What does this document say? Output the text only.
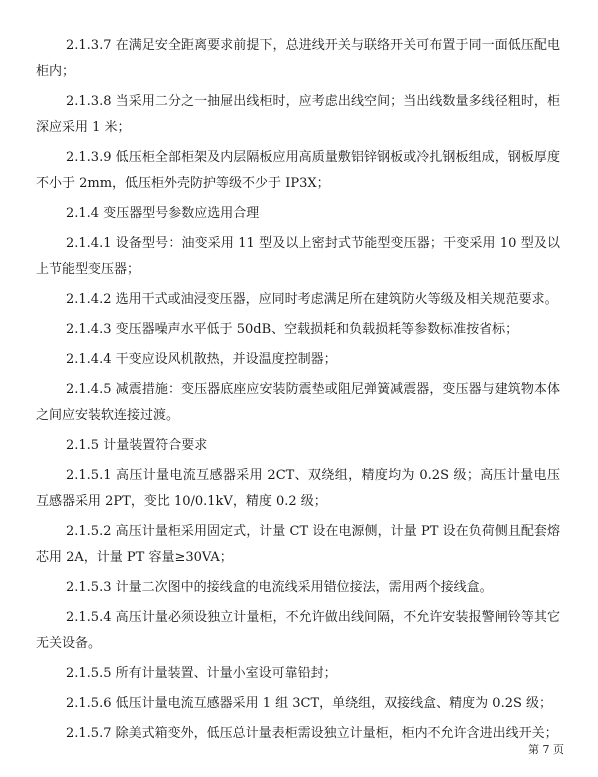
2.1.3.7 在满足安全距离要求前提下，总进线开关与联络开关可布置于同一面低压配电柜内；

2.1.3.8 当采用二分之一抽屉出线柜时，应考虑出线空间；当出线数量多线径粗时，柜深应采用 1 米；

2.1.3.9 低压柜全部柜架及内层隔板应用高质量敷铝锌钢板或冷扎钢板组成，钢板厚度不小于 2mm，低压柜外壳防护等级不少于 IP3X；

2.1.4 变压器型号参数应选用合理

2.1.4.1 设备型号：油变采用 11 型及以上密封式节能型变压器；干变采用 10 型及以上节能型变压器；

2.1.4.2 选用干式或油浸变压器，应同时考虑满足所在建筑防火等级及相关规范要求。

2.1.4.3 变压器噪声水平低于 50dB、空载损耗和负载损耗等参数标准按省标；

2.1.4.4 干变应设风机散热，并设温度控制器；

2.1.4.5 减震措施：变压器底座应安装防震垫或阻尼弹簧减震器，变压器与建筑物本体之间应安装软连接过渡。

2.1.5 计量装置符合要求

2.1.5.1 高压计量电流互感器采用 2CT、双绕组，精度均为 0.2S 级；高压计量电压互感器采用 2PT，变比 10/0.1kV，精度 0.2 级；

2.1.5.2 高压计量柜采用固定式，计量 CT 设在电源侧，计量 PT 设在负荷侧且配套熔芯用 2A，计量 PT 容量≥30VA；

2.1.5.3 计量二次图中的接线盒的电流线采用错位接法，需用两个接线盒。

2.1.5.4 高压计量必须设独立计量柜，不允许做出线间隔，不允许安装报警闸铃等其它无关设备。

2.1.5.5 所有计量装置、计量小室设可靠铅封；

2.1.5.6 低压计量电流互感器采用 1 组 3CT，单绕组，双接线盒、精度为 0.2S 级；

2.1.5.7 除美式箱变外，低压总计量表柜需设独立计量柜，柜内不允许含进出线开关；

第 7 页
